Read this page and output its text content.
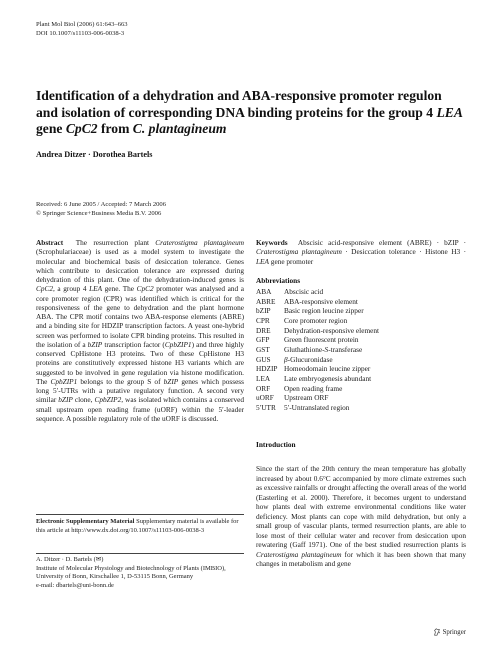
Plant Mol Biol (2006) 61:643–663
DOI 10.1007/s11103-006-0038-3
Identification of a dehydration and ABA-responsive promoter regulon and isolation of corresponding DNA binding proteins for the group 4 LEA gene CpC2 from C. plantagineum
Andrea Ditzer · Dorothea Bartels
Received: 6 June 2005 / Accepted: 7 March 2006
© Springer Science+Business Media B.V. 2006
Abstract The resurrection plant Craterostigma plantagineum (Scrophulariaceae) is used as a model system to investigate the molecular and biochemical basis of desiccation tolerance. Genes which contribute to desiccation tolerance are expressed during dehydration of this plant. One of the dehydration-induced genes is CpC2, a group 4 LEA gene. The CpC2 promoter was analysed and a core promoter region (CPR) was identified which is critical for the responsiveness of the gene to dehydration and the plant hormone ABA. The CPR motif contains two ABA-response elements (ABRE) and a binding site for HDZIP transcription factors. A yeast one-hybrid screen was performed to isolate CPR binding proteins. This resulted in the isolation of a bZIP transcription factor (CpbZIP1) and three highly conserved CpHistone H3 proteins. Two of these CpHistone H3 proteins are constitutively expressed histone H3 variants which are suggested to be involved in gene regulation via histone modification. The CpbZIP1 belongs to the group S of bZIP genes which possess long 5′-UTRs with a putative regulatory function. A second very similar bZIP clone, CpbZIP2, was isolated which contains a conserved small upstream open reading frame (uORF) within the 5′-leader sequence. A possible regulatory role of the uORF is discussed.
Electronic Supplementary Material Supplementary material is available for this article at http://www.dx.doi.org/10.1007/s11103-006-0038-3
A. Ditzer · D. Bartels (✉)
Institute of Molecular Physiology and Biotechnology of Plants (IMBIO), University of Bonn, Kirschallee 1, D-53115 Bonn, Germany
e-mail: dbartels@uni-bonn.de
Keywords Abscisic acid-responsive element (ABRE) · bZIP · Craterostigma plantagineum · Desiccation tolerance · Histone H3 · LEA gene promoter
Abbreviations
ABA	Abscisic acid
ABRE	ABA-responsive element
bZIP	Basic region leucine zipper
CPR	Core promoter region
DRE	Dehydration-responsive element
GFP	Green fluorescent protein
GST	Gluthathione-S-transferase
GUS	β-Glucuronidase
HDZIP Homeodomain leucine zipper
LEA	Late embryogenesis abundant
ORF	Open reading frame
uORF	Upstream ORF
5′UTR	5′-Untranslated region
Introduction
Since the start of the 20th century the mean temperature has globally increased by about 0.6°C accompanied by more climate extremes such as excessive rainfalls or drought affecting the overall areas of the world (Easterling et al. 2000). Therefore, it becomes urgent to understand how plants deal with extreme environmental conditions like water deficiency. Most plants can cope with mild dehydration, but only a small group of vascular plants, termed resurrection plants, are able to lose most of their cellular water and recover from desiccation upon rewatering (Gaff 1971). One of the best studied resurrection plants is Craterostigma plantagineum for which it has been shown that many changes in metabolism and gene
Springer
